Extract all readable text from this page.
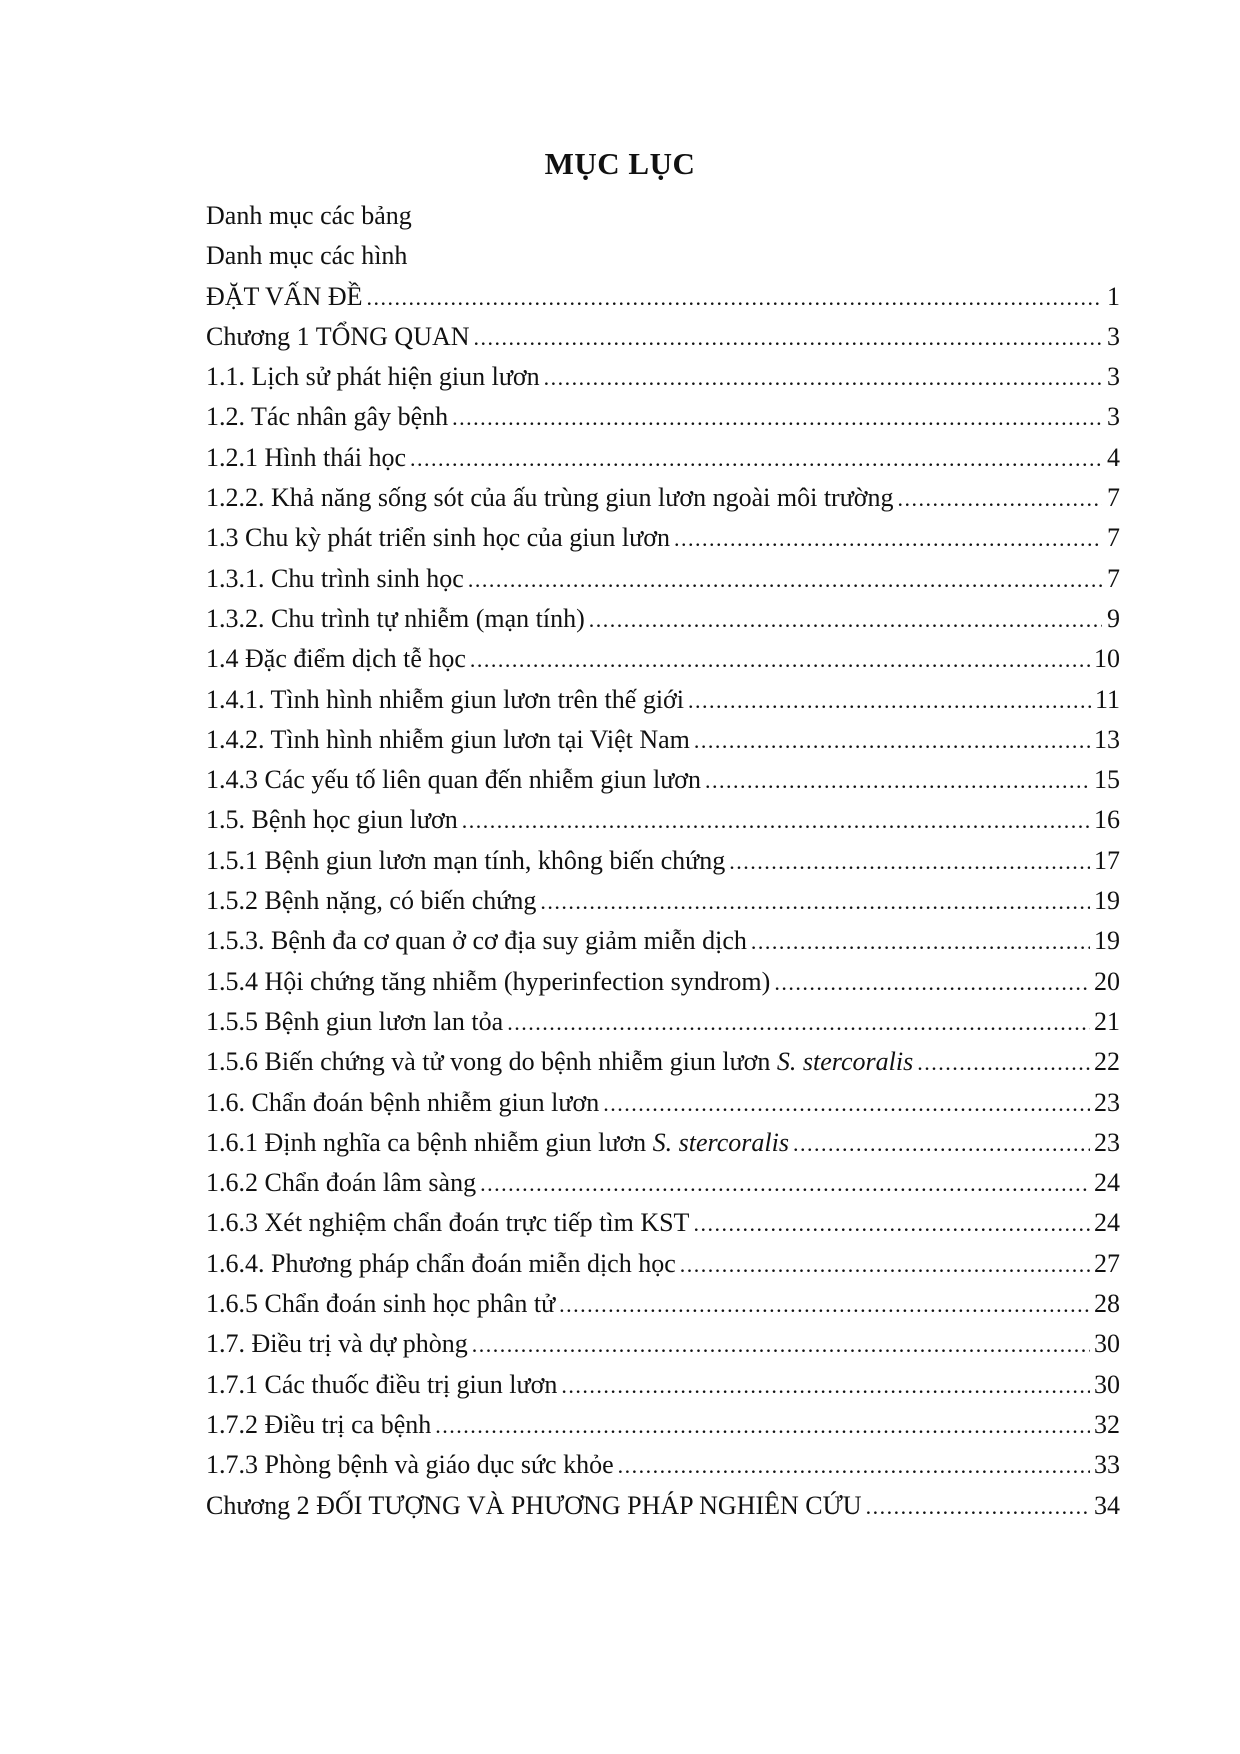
MỤC LỤC
Danh mục các bảng
Danh mục các hình
ĐẶT VẤN ĐỀ .....	1
Chương 1 TỔNG QUAN .....	3
1.1. Lịch sử phát hiện giun lươn .....	3
1.2. Tác nhân gây bệnh .....	3
1.2.1 Hình thái học .....	4
1.2.2. Khả năng sống sót của ấu trùng giun lươn ngoài môi trường .....	7
1.3 Chu kỳ phát triển sinh học của giun lươn .....	7
1.3.1. Chu trình sinh học .....	7
1.3.2. Chu trình tự nhiễm (mạn tính) .....	9
1.4 Đặc điểm dịch tễ học .....	10
1.4.1. Tình hình nhiễm giun lươn trên thế giới .....	11
1.4.2. Tình hình nhiễm giun lươn tại Việt Nam .....	13
1.4.3 Các yếu tố liên quan đến nhiễm giun lươn .....	15
1.5. Bệnh học giun lươn .....	16
1.5.1 Bệnh giun lươn mạn tính, không biến chứng .....	17
1.5.2 Bệnh nặng, có biến chứng .....	19
1.5.3. Bệnh đa cơ quan ở cơ địa suy giảm miễn dịch .....	19
1.5.4 Hội chứng tăng nhiễm (hyperinfection syndrom) .....	20
1.5.5 Bệnh giun lươn lan tỏa .....	21
1.5.6 Biến chứng và tử vong do bệnh nhiễm giun lươn S. stercoralis .....	22
1.6. Chẩn đoán bệnh nhiễm giun lươn .....	23
1.6.1 Định nghĩa ca bệnh nhiễm giun lươn S. stercoralis .....	23
1.6.2 Chẩn đoán lâm sàng .....	24
1.6.3 Xét nghiệm chẩn đoán trực tiếp tìm KST .....	24
1.6.4. Phương pháp chẩn đoán miễn dịch học .....	27
1.6.5 Chẩn đoán sinh học phân tử .....	28
1.7. Điều trị và dự phòng .....	30
1.7.1 Các thuốc điều trị giun lươn .....	30
1.7.2 Điều trị ca bệnh .....	32
1.7.3 Phòng bệnh và giáo dục sức khỏe .....	33
Chương 2 ĐỐI TƯỢNG VÀ PHƯƠNG PHÁP NGHIÊN CỨU .....	34
